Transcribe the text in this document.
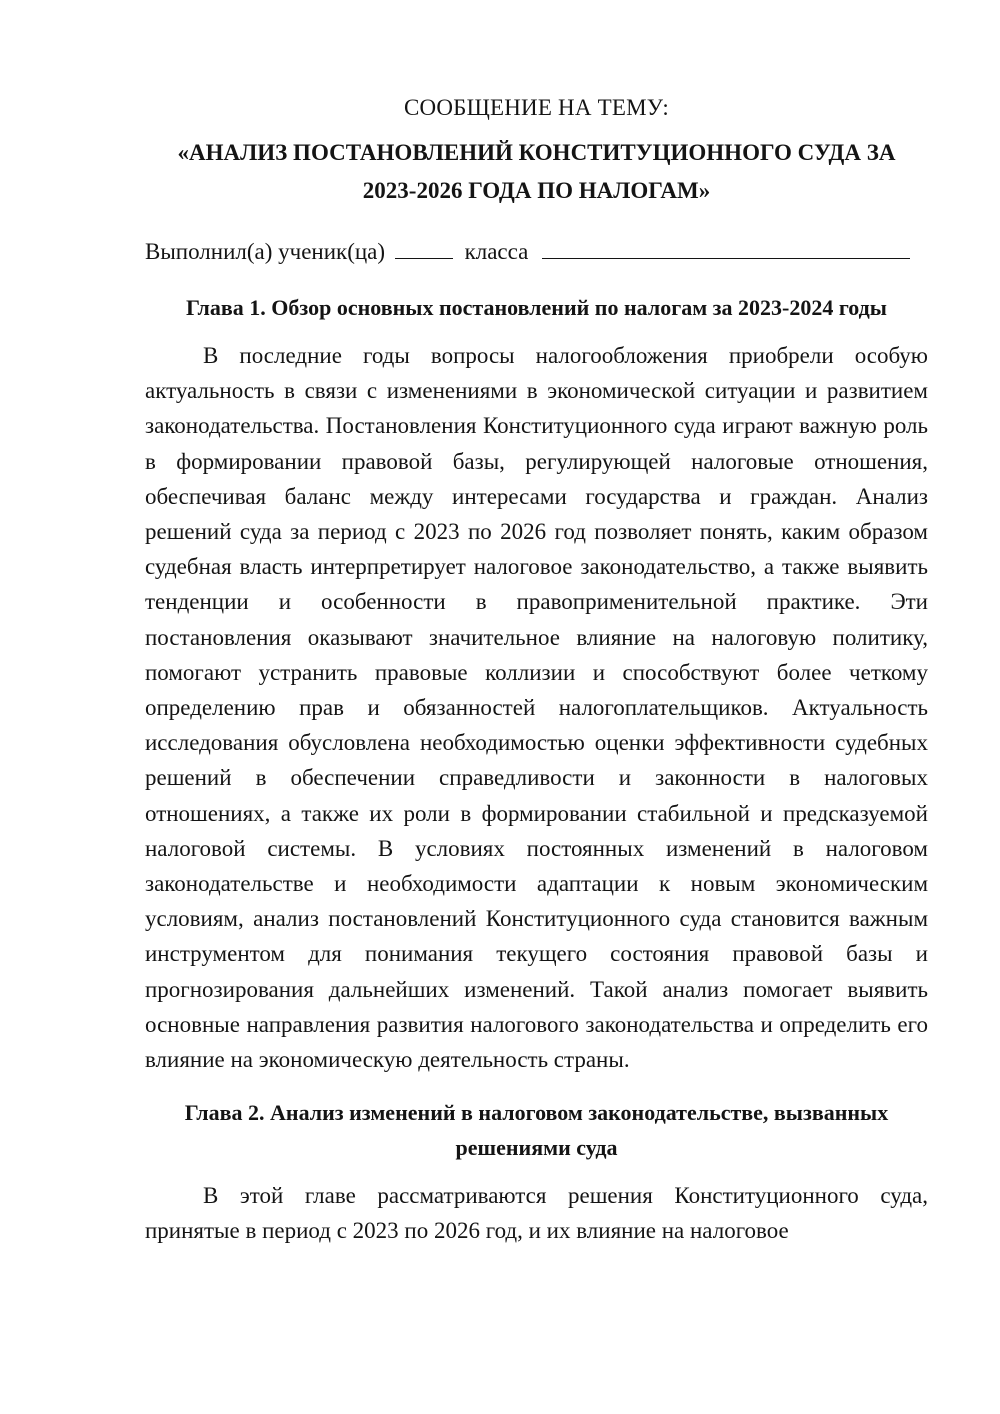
СООБЩЕНИЕ НА ТЕМУ:

«АНАЛИЗ ПОСТАНОВЛЕНИЙ КОНСТИТУЦИОННОГО СУДА ЗА
2023-2026 ГОДА ПО НАЛОГАМ»
Выполнил(а) ученик(ца)	класса
Глава 1. Обзор основных постановлений по налогам за 2023-2024 годы

В последние годы вопросы налогообложения приобрели особую актуальность в связи с изменениями в экономической ситуации и развитием законодательства. Постановления Конституционного суда играют важную роль в формировании правовой базы, регулирующей налоговые отношения, обеспечивая баланс между интересами государства и граждан. Анализ решений суда за период с 2023 по 2026 год позволяет понять, каким образом судебная власть интерпретирует налоговое законодательство, а также выявить тенденции и особенности в правоприменительной практике. Эти постановления оказывают значительное влияние на налоговую политику, помогают устранить правовые коллизии и способствуют более четкому определению прав и обязанностей налогоплательщиков. Актуальность исследования обусловлена необходимостью оценки эффективности судебных решений в обеспечении справедливости и законности в налоговых отношениях, а также их роли в формировании стабильной и предсказуемой налоговой системы. В условиях постоянных изменений в налоговом законодательстве и необходимости адаптации к новым экономическим условиям, анализ постановлений Конституционного суда становится важным инструментом для понимания текущего состояния правовой базы и прогнозирования дальнейших изменений. Такой анализ помогает выявить основные направления развития налогового законодательства и определить его влияние на экономическую деятельность страны.

Глава 2. Анализ изменений в налоговом законодательстве, вызванных
решениями суда

В этой главе рассматриваются решения Конституционного суда, принятые в период с 2023 по 2026 год, и их влияние на налоговое
